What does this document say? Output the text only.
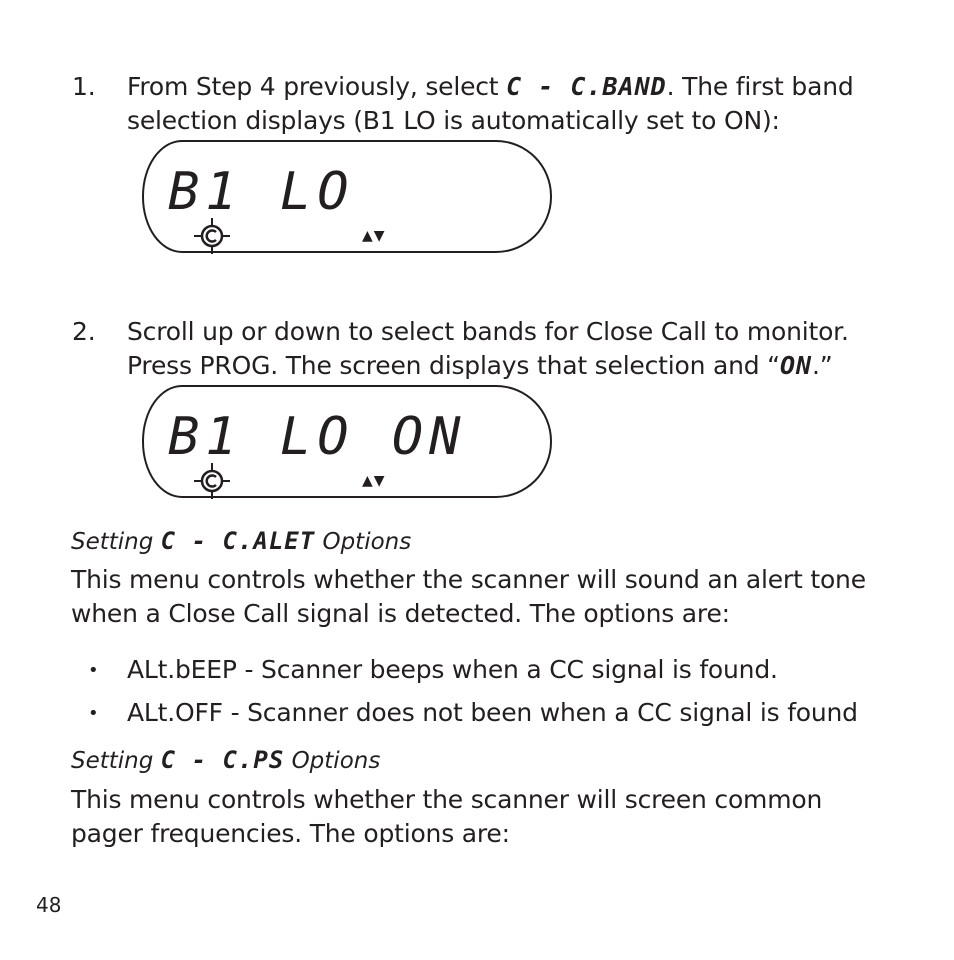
1.	From Step 4 previously, select C - C.BAND. The first band
selection displays (B1 LO is automatically set to ON):
B1 LO
▲▼
2.	Scroll up or down to select bands for Close Call to monitor.
Press PROG. The screen displays that selection and “ON.”
B1 LO ON
▲▼
Setting C - C.ALET Options
This menu controls whether the scanner will sound an alert tone
when a Close Call signal is detected. The options are:
• ALt.bEEP - Scanner beeps when a CC signal is found.
• ALt.OFF - Scanner does not been when a CC signal is found
Setting C - C.PS Options
This menu controls whether the scanner will screen common
pager frequencies. The options are:
48
